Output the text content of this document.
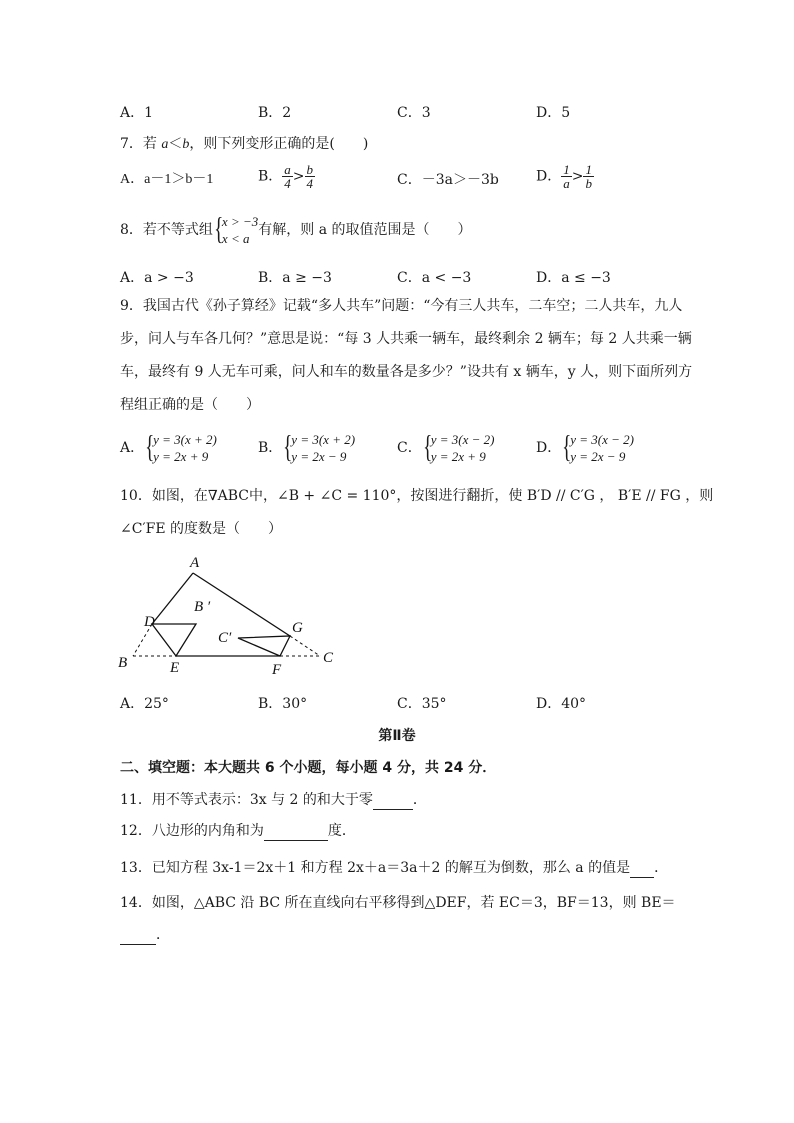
A．1	B．2	C．3	D．5
7．若 a＜b，则下列变形正确的是(　　)
A．a－1＞b－1	B． $\frac{a}{4} > \frac{b}{4}$	C．－3a＞－3b	D． $\frac{1}{a} > \frac{1}{b}$
8．若不等式组 {
x > −3
x < a
有解，则 a 的取值范围是（　　）
A．a > −3	B．a ≥ −3	C．a < −3	D．a ≤ −3
9．我国古代《孙子算经》记载“多人共车”问题：“今有三人共车，二车空；二人共车，九人
步，问人与车各几何？”意思是说：“每 3 人共乘一辆车，最终剩余 2 辆车；每 2 人共乘一辆
车，最终有 9 人无车可乘，问人和车的数量各是多少？”设共有 x 辆车，y 人，则下面所列方
程组正确的是（　　）
A． {
y = 3(x + 2)
y = 2x + 9
B． {
y = 3(x + 2)
y = 2x − 9
C． {
y = 3(x − 2)
y = 2x + 9
D． {
y = 3(x − 2)
y = 2x − 9
10．如图，在∇ABC中，∠B + ∠C = 110°，按图进行翻折，使 B′D // C′G ， B′E // FG ，则
∠C′FE 的度数是（　　）
A
B	C
D
E	F
G
B ′
C′
A．25°	B．30°	C．35°	D．40°
第Ⅱ卷
二、填空题：本大题共 6 个小题，每小题 4 分，共 24 分．
11．用不等式表示：3x 与 2 的和大于零	．
12．八边形的内角和为	度．
13．已知方程 3x-1＝2x＋1 和方程 2x＋a＝3a＋2 的解互为倒数，那么 a 的值是 ．
14．如图，△ABC 沿 BC 所在直线向右平移得到△DEF，若 EC＝3，BF＝13，则 BE＝
．
